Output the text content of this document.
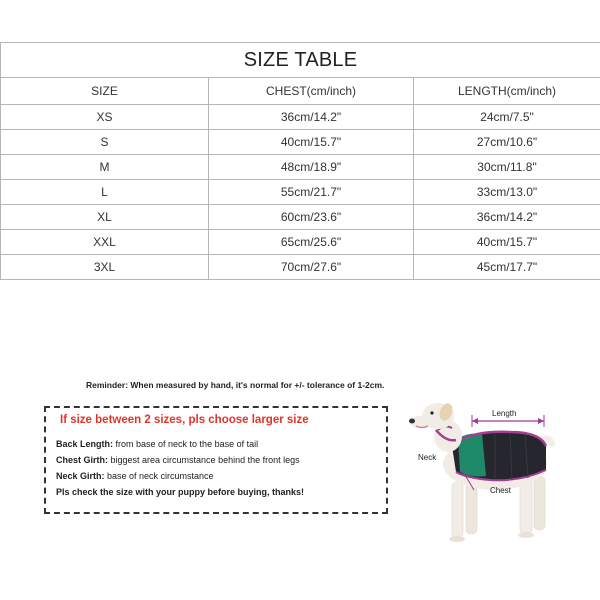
SIZE TABLE		
SIZE	CHEST(cm/inch)	LENGTH(cm/inch)
XS	36cm/14.2"	24cm/7.5"
S	40cm/15.7"	27cm/10.6"
M	48cm/18.9"	30cm/11.8"
L	55cm/21.7"	33cm/13.0"
XL	60cm/23.6"	36cm/14.2"
XXL	65cm/25.6"	40cm/15.7"
3XL	70cm/27.6"	45cm/17.7"
Reminder: When measured by hand, it's normal for +/- tolerance of 1-2cm.
If size between 2 sizes, pls choose larger size
Back Length: from base of neck to the base of tail
Chest Girth: biggest area circumstance behind the front legs
Neck Girth: base of neck circumstance
Pls check the size with your puppy before buying, thanks!
Length
Neck
Chest
